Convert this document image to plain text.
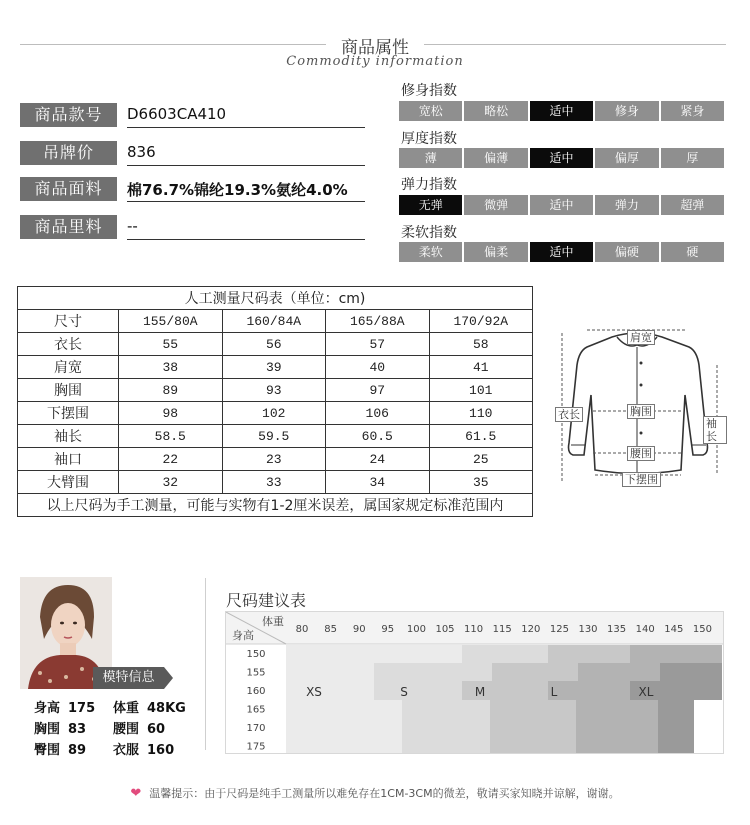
商品属性
Commodity information
商品款号	D6603CA410
吊牌价	836
商品面料	棉76.7%锦纶19.3%氨纶4.0%
商品里料	--
修身指数
宽松	略松	适中	修身	紧身
厚度指数
薄	偏薄	适中	偏厚	厚
弹力指数
无弹	微弹	适中	弹力	超弹
柔软指数
柔软	偏柔	适中	偏硬	硬
人工测量尺码表（单位：cm)				
尺寸	155/80A	160/84A	165/88A	170/92A
衣长	55	56	57	58
肩宽	38	39	40	41
胸围	89	93	97	101
下摆围	98	102	106	110
袖长	58.5	59.5	60.5	61.5
袖口	22	23	24	25
大臂围	32	33	34	35
以上尺码为手工测量，可能与实物有1-2厘米误差，属国家规定标准范围内				
肩宽
衣长	胸围
袖长
腰围
下摆围
模特信息
身高 175 体重 48KG
胸围 83 腰围 60
臀围 89 衣服 160
尺码建议表
体重
身高	80 85 90 95 100 105 110 115 120 125 130 135 140 145 150
150
155
160
165
170
175
XS	S	M	L	XL
❤ 温馨提示：由于尺码是纯手工测量所以难免存在1CM-3CM的微差，敬请买家知晓并谅解，谢谢。
